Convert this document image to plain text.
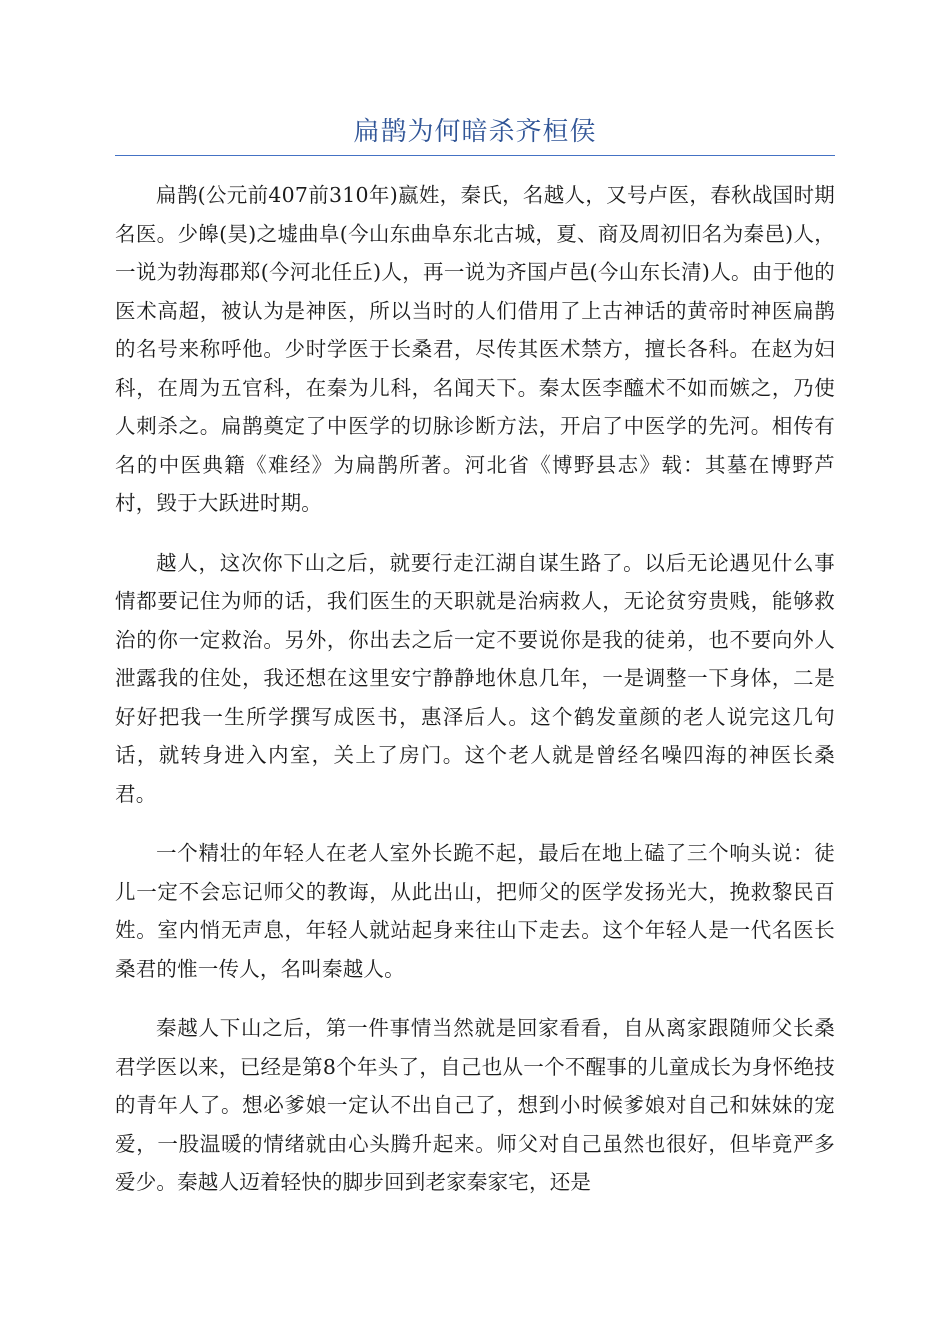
扁鹊为何暗杀齐桓侯

扁鹊(公元前407前310年)嬴姓，秦氏，名越人，又号卢医，春秋战国时期名医。少皞(昊)之墟曲阜(今山东曲阜东北古城，夏、商及周初旧名为秦邑)人，一说为勃海郡郑(今河北任丘)人，再一说为齐国卢邑(今山东长清)人。由于他的医术高超，被认为是神医，所以当时的人们借用了上古神话的黄帝时神医扁鹊的名号来称呼他。少时学医于长桑君，尽传其医术禁方，擅长各科。在赵为妇科，在周为五官科，在秦为儿科，名闻天下。秦太医李醯术不如而嫉之，乃使人刺杀之。扁鹊奠定了中医学的切脉诊断方法，开启了中医学的先河。相传有名的中医典籍《难经》为扁鹊所著。河北省《博野县志》载：其墓在博野芦村，毁于大跃进时期。

越人，这次你下山之后，就要行走江湖自谋生路了。以后无论遇见什么事情都要记住为师的话，我们医生的天职就是治病救人，无论贫穷贵贱，能够救治的你一定救治。另外，你出去之后一定不要说你是我的徒弟，也不要向外人泄露我的住处，我还想在这里安宁静静地休息几年，一是调整一下身体，二是好好把我一生所学撰写成医书，惠泽后人。这个鹤发童颜的老人说完这几句话，就转身进入内室，关上了房门。这个老人就是曾经名噪四海的神医长桑君。

一个精壮的年轻人在老人室外长跪不起，最后在地上磕了三个响头说：徒儿一定不会忘记师父的教诲，从此出山，把师父的医学发扬光大，挽救黎民百姓。室内悄无声息，年轻人就站起身来往山下走去。这个年轻人是一代名医长桑君的惟一传人，名叫秦越人。

秦越人下山之后，第一件事情当然就是回家看看，自从离家跟随师父长桑君学医以来，已经是第8个年头了，自己也从一个不醒事的儿童成长为身怀绝技的青年人了。想必爹娘一定认不出自己了，想到小时候爹娘对自己和妹妹的宠爱，一股温暖的情绪就由心头腾升起来。师父对自己虽然也很好，但毕竟严多爱少。秦越人迈着轻快的脚步回到老家秦家宅，还是
